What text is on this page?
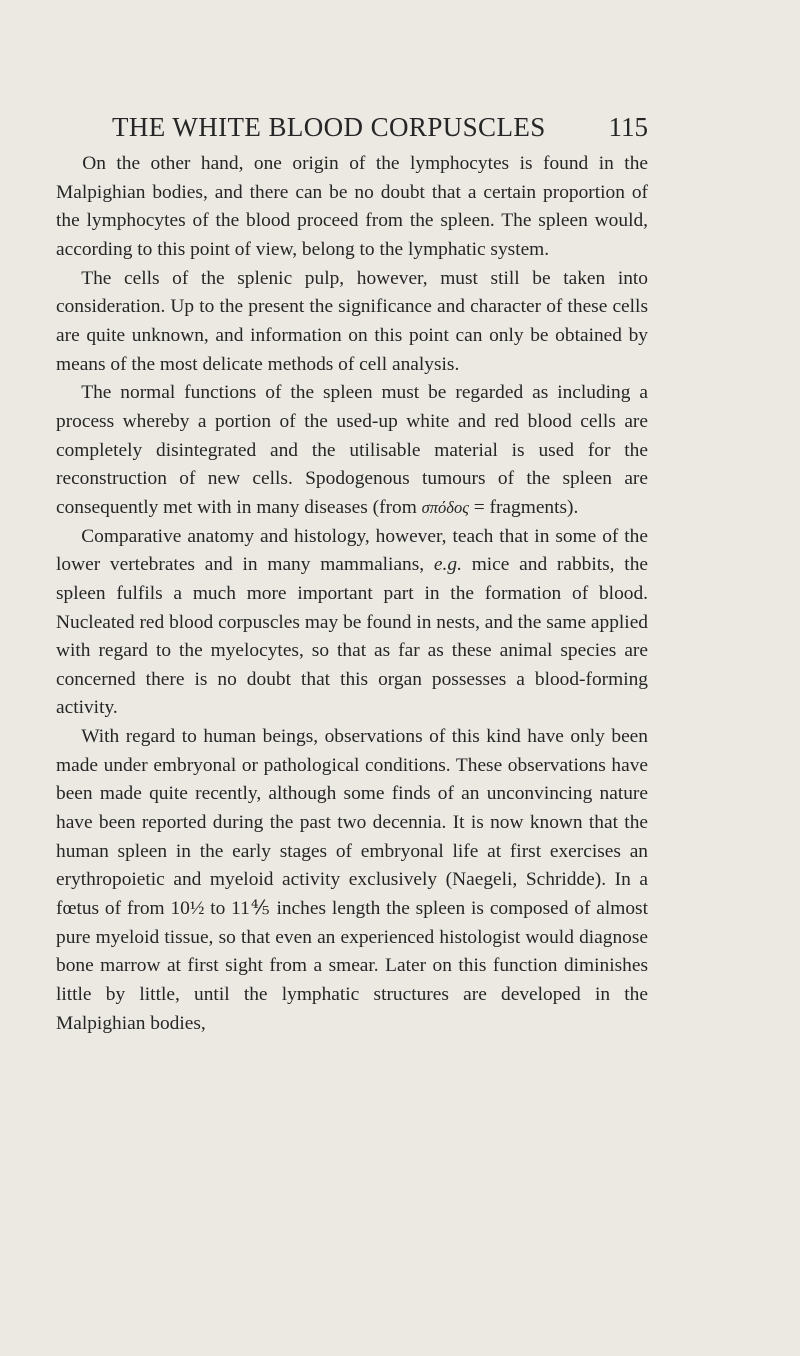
THE WHITE BLOOD CORPUSCLES 115

On the other hand, one origin of the lymphocytes is found in the Malpighian bodies, and there can be no doubt that a certain proportion of the lymphocytes of the blood proceed from the spleen. The spleen would, according to this point of view, belong to the lymphatic system.

The cells of the splenic pulp, however, must still be taken into consideration. Up to the present the significance and character of these cells are quite unknown, and information on this point can only be obtained by means of the most delicate methods of cell analysis.

The normal functions of the spleen must be regarded as including a process whereby a portion of the used-up white and red blood cells are completely disintegrated and the utilisable material is used for the reconstruction of new cells. Spodogenous tumours of the spleen are consequently met with in many diseases (from σπόδος = fragments).

Comparative anatomy and histology, however, teach that in some of the lower vertebrates and in many mammalians, e.g. mice and rabbits, the spleen fulfils a much more important part in the formation of blood. Nucleated red blood corpuscles may be found in nests, and the same applied with regard to the myelocytes, so that as far as these animal species are concerned there is no doubt that this organ possesses a blood-forming activity.

With regard to human beings, observations of this kind have only been made under embryonal or pathological conditions. These observations have been made quite recently, although some finds of an unconvincing nature have been reported during the past two decennia. It is now known that the human spleen in the early stages of embryonal life at first exercises an erythropoietic and myeloid activity exclusively (Naegeli, Schridde). In a fœtus of from 10½ to 11⅘ inches length the spleen is composed of almost pure myeloid tissue, so that even an experienced histologist would diagnose bone marrow at first sight from a smear. Later on this function diminishes little by little, until the lymphatic structures are developed in the Malpighian bodies,
